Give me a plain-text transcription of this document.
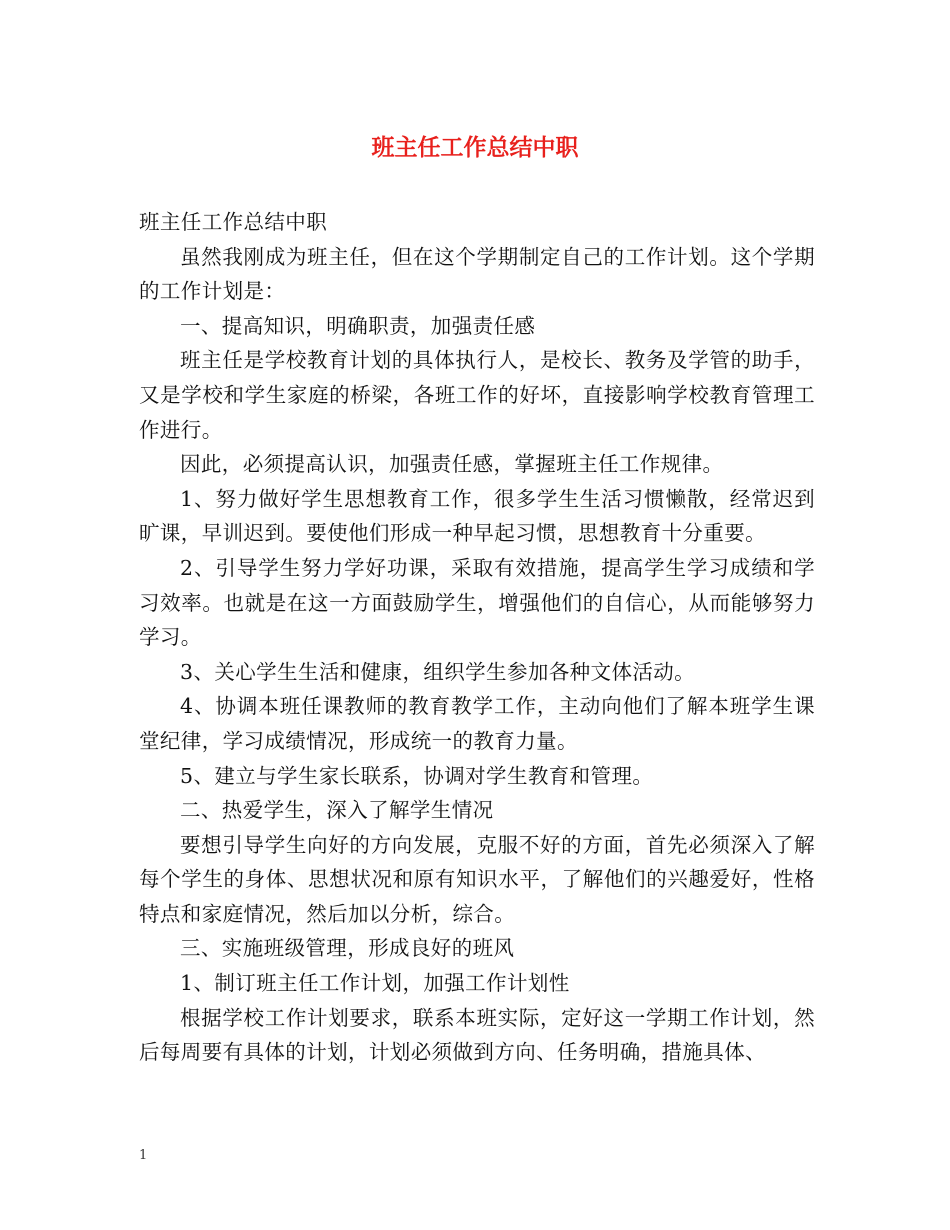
班主任工作总结中职

班主任工作总结中职

虽然我刚成为班主任，但在这个学期制定自己的工作计划。这个学期的工作计划是：

一、提高知识，明确职责，加强责任感

班主任是学校教育计划的具体执行人，是校长、教务及学管的助手，又是学校和学生家庭的桥梁，各班工作的好坏，直接影响学校教育管理工作进行。

因此，必须提高认识，加强责任感，掌握班主任工作规律。

1、努力做好学生思想教育工作，很多学生生活习惯懒散，经常迟到旷课，早训迟到。要使他们形成一种早起习惯，思想教育十分重要。

2、引导学生努力学好功课，采取有效措施，提高学生学习成绩和学习效率。也就是在这一方面鼓励学生，增强他们的自信心，从而能够努力学习。

3、关心学生生活和健康，组织学生参加各种文体活动。

4、协调本班任课教师的教育教学工作，主动向他们了解本班学生课堂纪律，学习成绩情况，形成统一的教育力量。

5、建立与学生家长联系，协调对学生教育和管理。

二、热爱学生，深入了解学生情况

要想引导学生向好的方向发展，克服不好的方面，首先必须深入了解每个学生的身体、思想状况和原有知识水平，了解他们的兴趣爱好，性格特点和家庭情况，然后加以分析，综合。

三、实施班级管理，形成良好的班风

1、制订班主任工作计划，加强工作计划性

根据学校工作计划要求，联系本班实际，定好这一学期工作计划，然后每周要有具体的计划，计划必须做到方向、任务明确，措施具体、

1
